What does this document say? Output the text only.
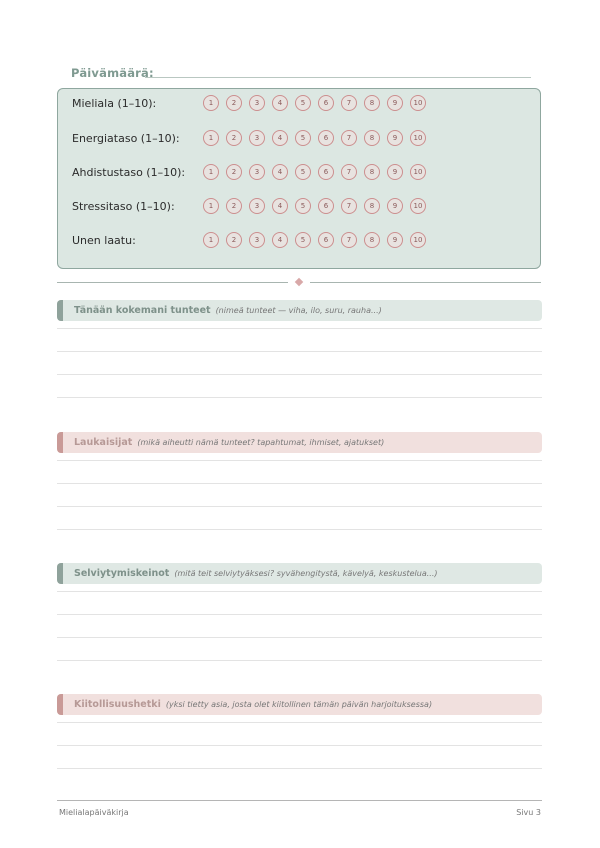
Päivämäärä:
Mieliala (1–10):	1	2	3	4	5	6	7	8	9	10
Energiataso (1–10):	1	2	3	4	5	6	7	8	9	10
Ahdistustaso (1–10):	1	2	3	4	5	6	7	8	9	10
Stressitaso (1–10):	1	2	3	4	5	6	7	8	9	10
Unen laatu:	1	2	3	4	5	6	7	8	9	10
Tänään kokemani tunteet (nimeä tunteet — viha, ilo, suru, rauha...)
Laukaisijat (mikä aiheutti nämä tunteet? tapahtumat, ihmiset, ajatukset)
Selviytymiskeinot (mitä teit selviytyäksesi? syvähengitystä, kävelyä, keskustelua...)
Kiitollisuushetki (yksi tietty asia, josta olet kiitollinen tämän päivän harjoituksessa)
Mielialapäiväkirja	Sivu 3
